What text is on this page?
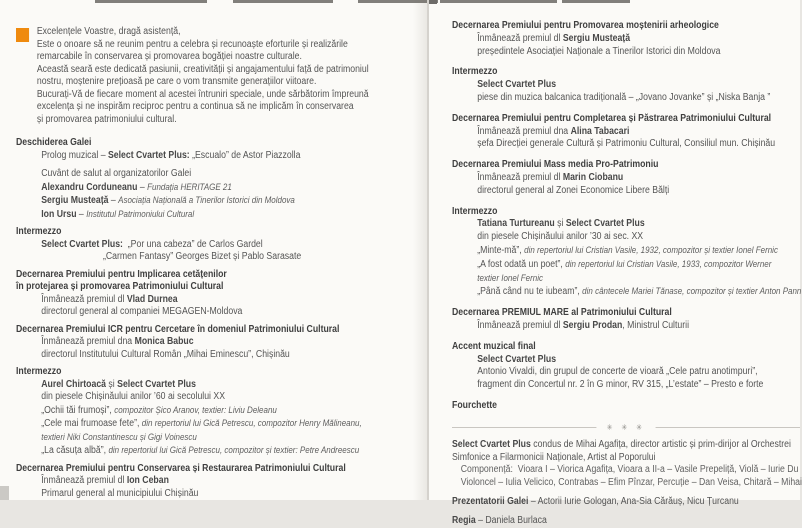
Excelențele Voastre, dragă asistență,
Este o onoare să ne reunim pentru a celebra și recunoaște eforturile și realizările
remarcabile în conservarea și promovarea bogăției noastre culturale.
Această seară este dedicată pasiunii, creativității și angajamentului față de patrimoniul
nostru, moștenire prețioasă pe care o vom transmite generațiilor viitoare.
Bucurați-Vă de fiecare moment al acestei întruniri speciale, unde sărbătorim împreună
excelența și ne inspirăm reciproc pentru a continua să ne implicăm în conservarea
și promovarea patrimoniului cultural.
Deschiderea Galei
Prolog muzical – Select Cvartet Plus: „Escualo” de Astor Piazzolla
Cuvânt de salut al organizatorilor Galei
Alexandru Corduneanu – Fundația HERITAGE 21
Sergiu Musteață – Asociația Națională a Tinerilor Istorici din Moldova
Ion Ursu – Institutul Patrimoniului Cultural
Intermezzo
Select Cvartet Plus:  „Por una cabeza” de Carlos Gardel
„Carmen Fantasy” Georges Bizet și Pablo Sarasate
Decernarea Premiului pentru Implicarea cetățenilor
în protejarea și promovarea Patrimoniului Cultural
Înmânează premiul dl Vlad Durnea
directorul general al companiei MEGAGEN-Moldova
Decernarea Premiului ICR pentru Cercetare în domeniul Patrimoniului Cultural
Înmânează premiul dna Monica Babuc
directorul Institutului Cultural Român „Mihai Eminescu”, Chișinău
Intermezzo
Aurel Chirtoacă și Select Cvartet Plus
din piesele Chișinăului anilor ’60 ai secolului XX
„Ochii tăi frumoși”, compozitor Șico Aranov, textier: Liviu Deleanu
„Cele mai frumoase fete”, din repertoriul lui Gică Petrescu, compozitor Henry Mălineanu,
textieri Niki Constantinescu și Gigi Voinescu
„La căsuța albă”, din repertoriul lui Gică Petrescu, compozitor și textier: Petre Andreescu
Decernarea Premiului pentru Conservarea și Restaurarea Patrimoniului Cultural
Înmânează premiul dl Ion Ceban
Primarul general al municipiului Chișinău
Decernarea Premiului pentru Promovarea moștenirii arheologice
Înmânează premiul dl Sergiu Musteață
președintele Asociației Naționale a Tinerilor Istorici din Moldova
Intermezzo
Select Cvartet Plus
piese din muzica balcanica tradițională – „Jovano Jovanke” și „Niska Banja ”
Decernarea Premiului pentru Completarea și Păstrarea Patrimoniului Cultural
Înmânează premiul dna Alina Tabacari
șefa Direcției generale Cultură și Patrimoniu Cultural, Consiliul mun. Chișinău
Decernarea Premiului Mass media Pro-Patrimoniu
Înmânează premiul dl Marin Ciobanu
directorul general al Zonei Economice Libere Bălți
Intermezzo
Tatiana Turtureanu și Select Cvartet Plus
din piesele Chișinăului anilor ’30 ai sec. XX
„Minte-mă”, din repertoriul lui Cristian Vasile, 1932, compozitor și textier Ionel Fernic
„A fost odată un poet”, din repertoriul lui Cristian Vasile, 1933, compozitor Werner
textier Ionel Fernic
„Până când nu te iubeam”, din cântecele Mariei Tănase, compozitor și textier Anton Pann
Decernarea PREMIUL MARE al Patrimoniului Cultural
Înmânează premiul dl Sergiu Prodan, Ministrul Culturii
Accent muzical final
Select Cvartet Plus
Antonio Vivaldi, din grupul de concerte de vioară „Cele patru anotimpuri”,
fragment din Concertul nr. 2 în G minor, RV 315, „L’estate” – Presto e forte
Fourchette
✳ ✳ ✳
Select Cvartet Plus condus de Mihai Agafița, director artistic și prim-dirijor al Orchestrei
Simfonice a Filarmonicii Naționale, Artist al Poporului
Componență:  Vioara I – Viorica Agafița, Vioara a II-a – Vasile Prepeliță, Violă – Iurie Du
Violoncel – Iulia Velicico, Contrabas – Efim Pînzar, Percuție – Dan Veisa, Chitară – Mihai
Prezentatorii Galei – Actorii Iurie Gologan, Ana-Sia Cărăuș, Nicu Țurcanu
Regia – Daniela Burlaca
